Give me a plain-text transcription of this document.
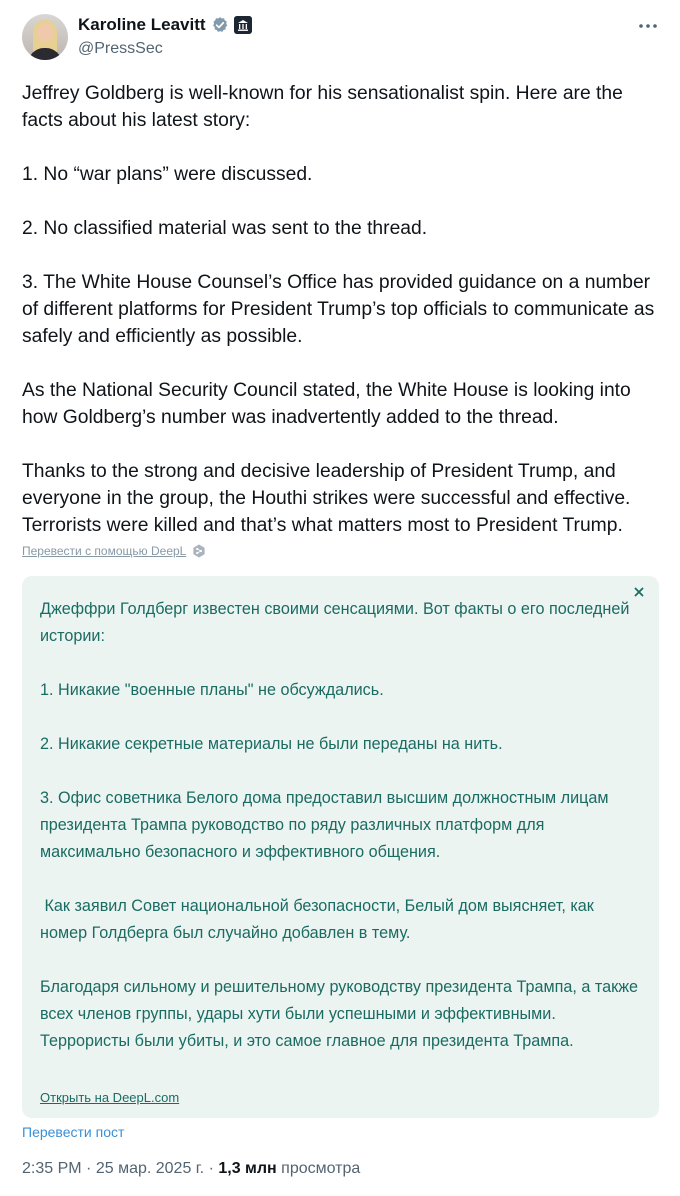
Karoline Leavitt
@PressSec

Jeffrey Goldberg is well-known for his sensationalist spin. Here are the facts about his latest story:

1. No “war plans” were discussed.

2. No classified material was sent to the thread.

3. The White House Counsel’s Office has provided guidance on a number of different platforms for President Trump’s top officials to communicate as safely and efficiently as possible.

As the National Security Council stated, the White House is looking into how Goldberg’s number was inadvertently added to the thread.

Thanks to the strong and decisive leadership of President Trump, and everyone in the group, the Houthi strikes were successful and effective. Terrorists were killed and that’s what matters most to President Trump.

Перевести с помощью DeepL

Джеффри Голдберг известен своими сенсациями. Вот факты о его последней истории:

1. Никакие "военные планы" не обсуждались.

2. Никакие секретные материалы не были переданы на нить.

3. Офис советника Белого дома предоставил высшим должностным лицам президента Трампа руководство по ряду различных платформ для максимально безопасного и эффективного общения.

Как заявил Совет национальной безопасности, Белый дом выясняет, как номер Голдберга был случайно добавлен в тему.

Благодаря сильному и решительному руководству президента Трампа, а также всех членов группы, удары хути были успешными и эффективными. Террористы были убиты, и это самое главное для президента Трампа.

Открыть на DeepL.com
Перевести пост
2:35 PM · 25 мар. 2025 г. · 1,3 млн просмотра
